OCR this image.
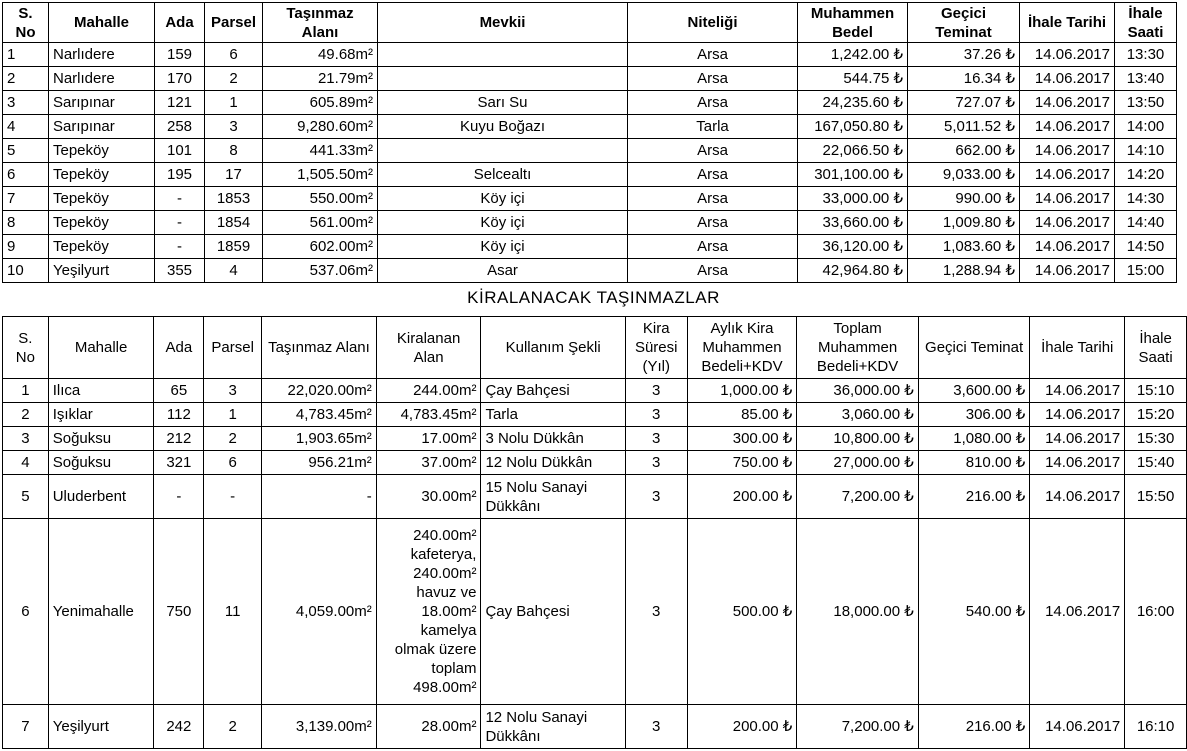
S. No	Mahalle	Ada	Parsel	Taşınmaz Alanı	Mevkii	Niteliği	Muhammen Bedel	Geçici Teminat	İhale Tarihi	İhale Saati
1	Narlıdere	159	6	49.68m²		Arsa	1,242.00 ₺	37.26 ₺	14.06.2017	13:30
2	Narlıdere	170	2	21.79m²		Arsa	544.75 ₺	16.34 ₺	14.06.2017	13:40
3	Sarıpınar	121	1	605.89m²	Sarı Su	Arsa	24,235.60 ₺	727.07 ₺	14.06.2017	13:50
4	Sarıpınar	258	3	9,280.60m²	Kuyu Boğazı	Tarla	167,050.80 ₺	5,011.52 ₺	14.06.2017	14:00
5	Tepeköy	101	8	441.33m²		Arsa	22,066.50 ₺	662.00 ₺	14.06.2017	14:10
6	Tepeköy	195	17	1,505.50m²	Selcealtı	Arsa	301,100.00 ₺	9,033.00 ₺	14.06.2017	14:20
7	Tepeköy	-	1853	550.00m²	Köy içi	Arsa	33,000.00 ₺	990.00 ₺	14.06.2017	14:30
8	Tepeköy	-	1854	561.00m²	Köy içi	Arsa	33,660.00 ₺	1,009.80 ₺	14.06.2017	14:40
9	Tepeköy	-	1859	602.00m²	Köy içi	Arsa	36,120.00 ₺	1,083.60 ₺	14.06.2017	14:50
10	Yeşilyurt	355	4	537.06m²	Asar	Arsa	42,964.80 ₺	1,288.94 ₺	14.06.2017	15:00
KİRALANACAK TAŞINMAZLAR
S. No	Mahalle	Ada	Parsel	Taşınmaz Alanı	Kiralanan Alan	Kullanım Şekli	Kira Süresi (Yıl)	Aylık Kira Muhammen Bedeli+KDV	Toplam Muhammen Bedeli+KDV	Geçici Teminat	İhale Tarihi	İhale Saati
1	Ilıca	65	3	22,020.00m²	244.00m²	Çay Bahçesi	3	1,000.00 ₺	36,000.00 ₺	3,600.00 ₺	14.06.2017	15:10
2	Işıklar	112	1	4,783.45m²	4,783.45m²	Tarla	3	85.00 ₺	3,060.00 ₺	306.00 ₺	14.06.2017	15:20
3	Soğuksu	212	2	1,903.65m²	17.00m²	3 Nolu Dükkân	3	300.00 ₺	10,800.00 ₺	1,080.00 ₺	14.06.2017	15:30
4	Soğuksu	321	6	956.21m²	37.00m²	12 Nolu Dükkân	3	750.00 ₺	27,000.00 ₺	810.00 ₺	14.06.2017	15:40
5	Uluderbent	-	-	-	30.00m²	15 Nolu Sanayi Dükkânı	3	200.00 ₺	7,200.00 ₺	216.00 ₺	14.06.2017	15:50
6	Yenimahalle	750	11	4,059.00m²	240.00m² kafeterya, 240.00m² havuz ve 18.00m² kamelya olmak üzere toplam 498.00m²	Çay Bahçesi	3	500.00 ₺	18,000.00 ₺	540.00 ₺	14.06.2017	16:00
7	Yeşilyurt	242	2	3,139.00m²	28.00m²	12 Nolu Sanayi Dükkânı	3	200.00 ₺	7,200.00 ₺	216.00 ₺	14.06.2017	16:10
